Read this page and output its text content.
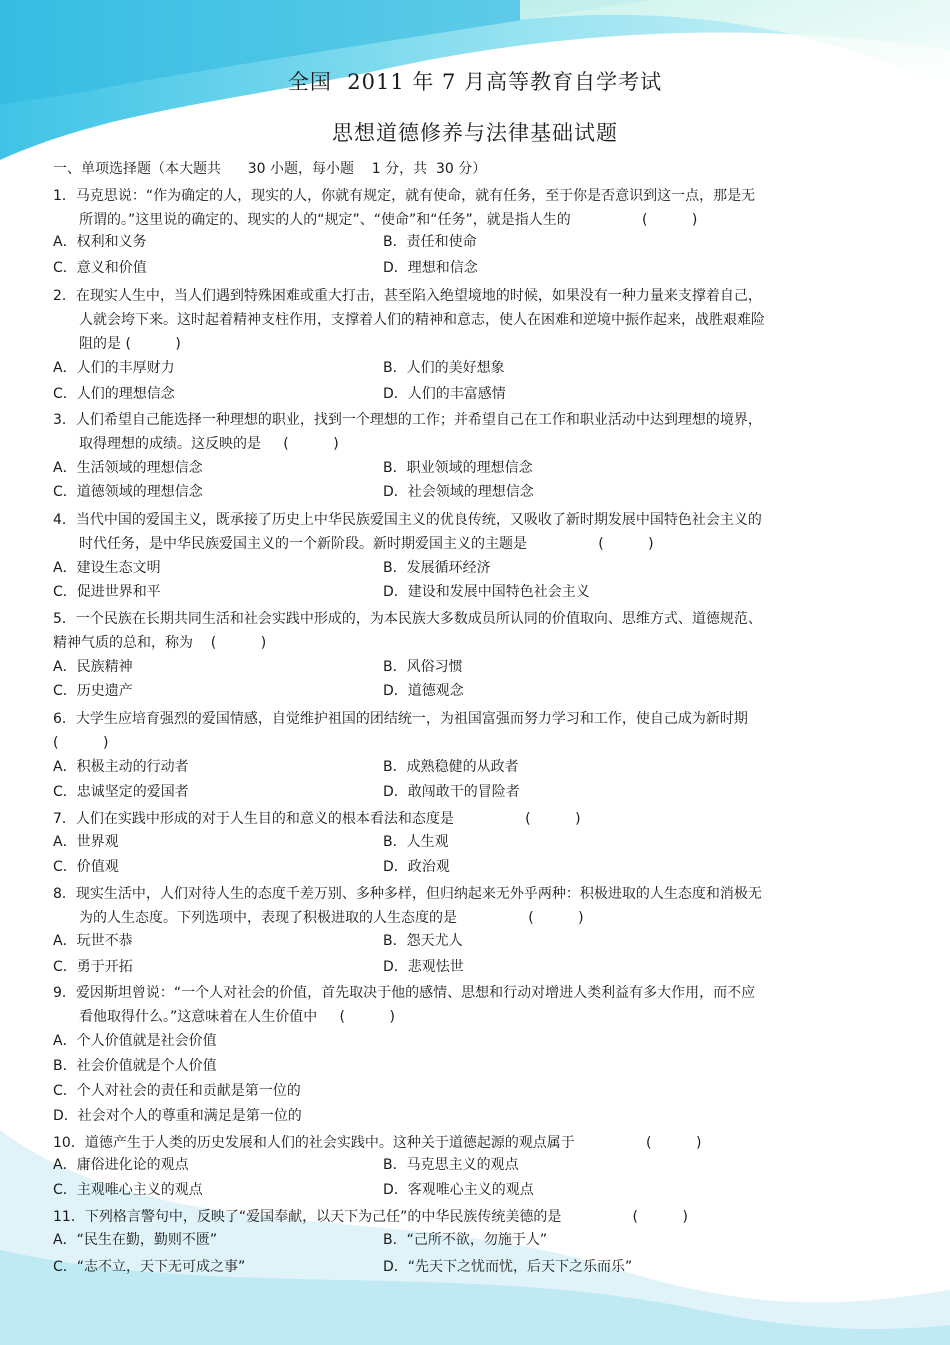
全国  2011 年 7 月高等教育自学考试
思想道德修养与法律基础试题
一、单项选择题（本大题共      30 小题，每小题    1 分，共  30 分）
1．马克思说：“作为确定的人，现实的人，你就有规定，就有使命，就有任务，至于你是否意识到这一点，那是无
所谓的。”这里说的确定的、现实的人的“规定”、“使命”和“任务”，就是指人生的                (          )
A．权利和义务	B．责任和使命
C．意义和价值	D．理想和信念
2．在现实人生中，当人们遇到特殊困难或重大打击，甚至陷入绝望境地的时候，如果没有一种力量来支撑着自己，
人就会垮下来。这时起着精神支柱作用，支撑着人们的精神和意志，使人在困难和逆境中振作起来，战胜艰难险
阻的是 (          )
A．人们的丰厚财力	B．人们的美好想象
C．人们的理想信念	D．人们的丰富感情
3．人们希望自己能选择一种理想的职业，找到一个理想的工作；并希望自己在工作和职业活动中达到理想的境界，
取得理想的成绩。这反映的是     (          )
A．生活领域的理想信念	B．职业领域的理想信念
C．道德领域的理想信念	D．社会领域的理想信念
4．当代中国的爱国主义，既承接了历史上中华民族爱国主义的优良传统，又吸收了新时期发展中国特色社会主义的
时代任务，是中华民族爱国主义的一个新阶段。新时期爱国主义的主题是                (          )
A．建设生态文明	B．发展循环经济
C．促进世界和平	D．建设和发展中国特色社会主义
5．一个民族在长期共同生活和社会实践中形成的，为本民族大多数成员所认同的价值取向、思维方式、道德规范、
精神气质的总和，称为    (          )
A．民族精神	B．风俗习惯
C．历史遗产	D．道德观念
6．大学生应培育强烈的爱国情感，自觉维护祖国的团结统一，为祖国富强而努力学习和工作，使自己成为新时期
(          )
A．积极主动的行动者	B．成熟稳健的从政者
C．忠诚坚定的爱国者	D．敢闯敢干的冒险者
7．人们在实践中形成的对于人生目的和意义的根本看法和态度是                (          )
A．世界观	B．人生观
C．价值观	D．政治观
8．现实生活中，人们对待人生的态度千差万别、多种多样，但归纳起来无外乎两种：积极进取的人生态度和消极无
为的人生态度。下列选项中，表现了积极进取的人生态度的是                (          )
A．玩世不恭	B．怨天尤人
C．勇于开拓	D．悲观怯世
9．爱因斯坦曾说：“一个人对社会的价值，首先取决于他的感情、思想和行动对增进人类利益有多大作用，而不应
看他取得什么。”这意味着在人生价值中     (          )
A．个人价值就是社会价值
B．社会价值就是个人价值
C．个人对社会的责任和贡献是第一位的
D．社会对个人的尊重和满足是第一位的
10．道德产生于人类的历史发展和人们的社会实践中。这种关于道德起源的观点属于                (          )
A．庸俗进化论的观点	B．马克思主义的观点
C．主观唯心主义的观点	D．客观唯心主义的观点
11．下列格言警句中，反映了“爱国奉献，以天下为己任”的中华民族传统美德的是                (          )
A．“民生在勤，勤则不匮”	B．“己所不欲，勿施于人”
C．“志不立，天下无可成之事”	D．“先天下之忧而忧，后天下之乐而乐”
